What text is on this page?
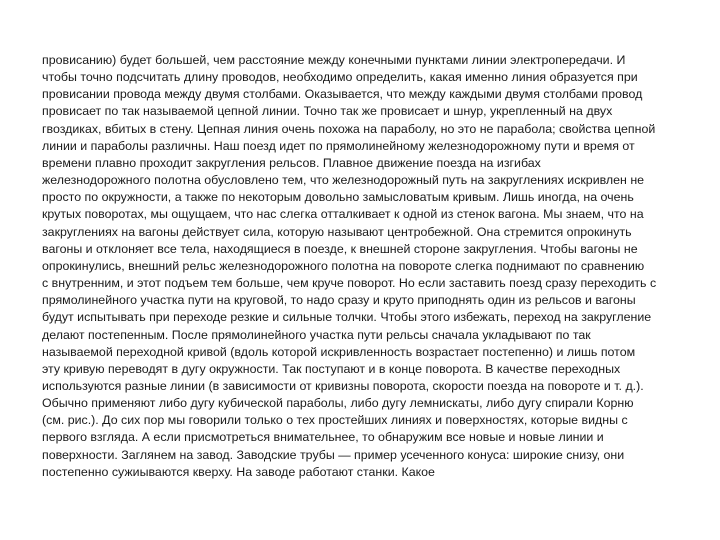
провисанию) будет большей, чем расстояние между конечными пунктами линии электропередачи. И
чтобы точно подсчитать длину проводов, необходимо определить, какая именно линия образуется при
провисании провода между двумя столбами. Оказывается, что между каждыми двумя столбами провод
провисает по так называемой цепной линии. Точно так же провисает и шнур, укрепленный на двух
гвоздиках, вбитых в стену. Цепная линия очень похожа на параболу, но это не парабола; свойства цепной
линии и параболы различны. Наш поезд идет по прямолинейному железнодорожному пути и время от
времени плавно проходит закругления рельсов. Плавное движение поезда на изгибах
железнодорожного полотна обусловлено тем, что железнодорожный путь на закруглениях искривлен не
просто по окружности, а также по некоторым довольно замысловатым кривым. Лишь иногда, на очень
крутых поворотах, мы ощущаем, что нас слегка отталкивает к одной из стенок вагона. Мы знаем, что на
закруглениях на вагоны действует сила, которую называют центробежной. Она стремится опрокинуть
вагоны и отклоняет все тела, находящиеся в поезде, к внешней стороне закругления. Чтобы вагоны не
опрокинулись, внешний рельс железнодорожного полотна на повороте слегка поднимают по сравнению
с внутренним, и этот подъем тем больше, чем круче поворот. Но если заставить поезд сразу переходить с
прямолинейного участка пути на круговой, то надо сразу и круто приподнять один из рельсов и вагоны
будут испытывать при переходе резкие и сильные толчки. Чтобы этого избежать, переход на закругление
делают постепенным. После прямолинейного участка пути рельсы сначала укладывают по так
называемой переходной кривой (вдоль которой искривленность возрастает постепенно) и лишь потом
эту кривую переводят в дугу окружности. Так поступают и в конце поворота. В качестве переходных
используются разные линии (в зависимости от кривизны поворота, скорости поезда на повороте и т. д.).
Обычно применяют либо дугу кубической параболы, либо дугу лемнискаты, либо дугу спирали Корню
(см. рис.). До сих пор мы говорили только о тех простейших линиях и поверхностях, которые видны с
первого взгляда. А если присмотреться внимательнее, то обнаружим все новые и новые линии и
поверхности. Заглянем на завод. Заводские трубы — пример усеченного конуса: широкие снизу, они
постепенно сужиываются кверху. На заводе работают станки. Какое
